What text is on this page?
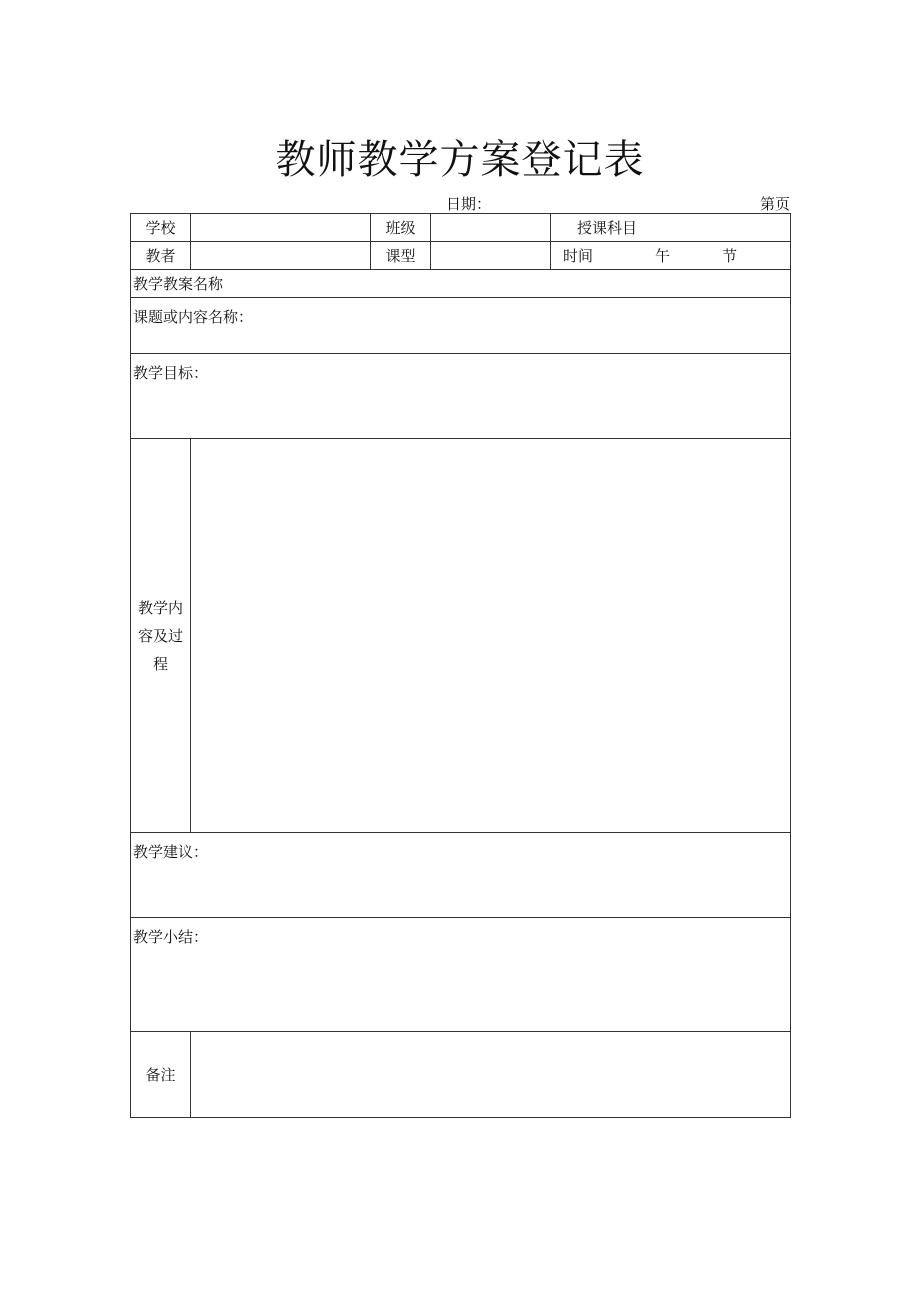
教师教学方案登记表
日期：	第页
学校		班级		授课科目
教者		课型		时间 午 节
教学教案名称				
课题或内容名称：				
教学目标：				

教学内
容及过
程				

教学建议：				
教学小结：				
备注				
